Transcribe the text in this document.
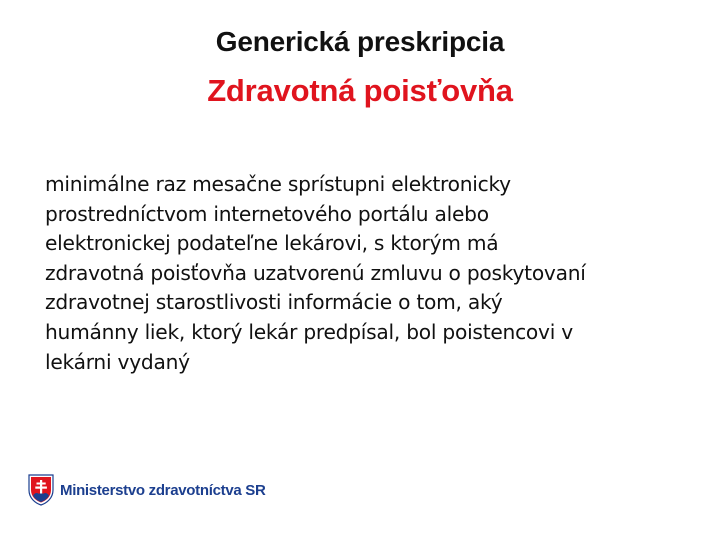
Generická preskripcia
Zdravotná poisťovňa
minimálne raz mesačne sprístupni elektronicky
prostredníctvom internetového portálu alebo
elektronickej podateľne lekárovi, s ktorým má
zdravotná poisťovňa uzatvorenú zmluvu o poskytovaní
zdravotnej starostlivosti informácie o tom, aký
humánny liek, ktorý lekár predpísal, bol poistencovi v
lekárni vydaný
Ministerstvo zdravotníctva SR
